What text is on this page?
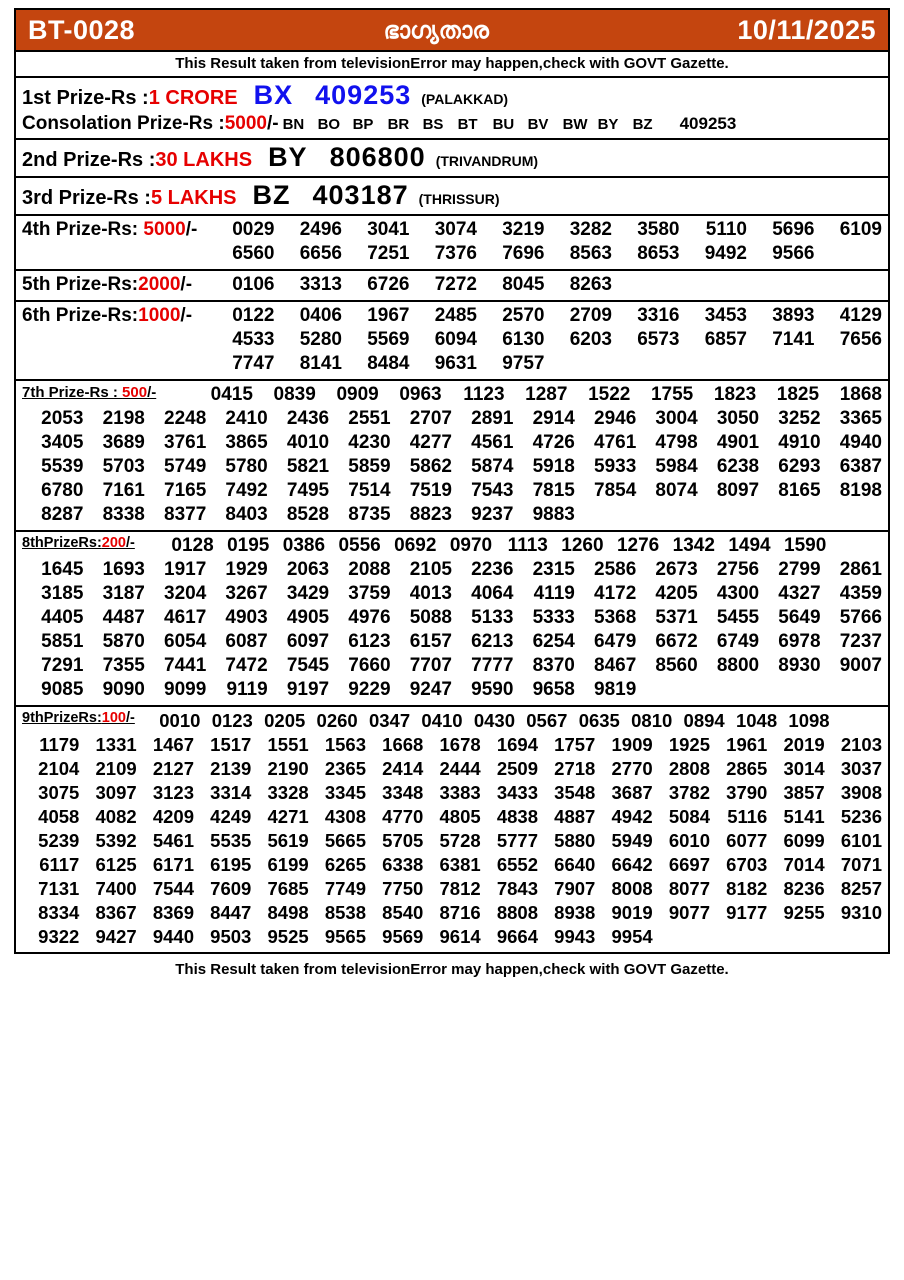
BT-0028	ഭാഗ്യതാര	10/11/2025
This Result taken from televisionError may happen,check with GOVT Gazette.
1st Prize-Rs : 1 CRORE BX 409253 (PALAKKAD)
Consolation Prize-Rs : 5000 /- BN BO BP BR BS BT	BU BV BW BY BZ	409253
2nd Prize-Rs : 30 LAKHS BY 806800 (TRIVANDRUM)
3rd Prize-Rs : 5 LAKHS BZ 403187 (THRISSUR)
4th Prize-Rs: 5000/-	0029	2496	3041	3074	3219	3282	3580	5110	5696	6109
6560	6656	7251	7376	7696	8563	8653	9492	9566
5th Prize-Rs:2000/-	0106	3313	6726	7272	8045	8263
6th Prize-Rs:1000/-	0122	0406	1967	2485	2570	2709	3316	3453	3893	4129
4533	5280	5569	6094	6130	6203	6573	6857	7141	7656
7747	8141	8484	9631	9757
7th Prize-Rs : 500/-	0415	0839	0909	0963	1123	1287	1522	1755	1823	1825	1868
2053	2198	2248	2410	2436	2551	2707	2891	2914	2946	3004	3050	3252	3365
3405	3689	3761	3865	4010	4230	4277	4561	4726	4761	4798	4901	4910	4940
5539	5703	5749	5780	5821	5859	5862	5874	5918	5933	5984	6238	6293	6387
6780	7161	7165	7492	7495	7514	7519	7543	7815	7854	8074	8097	8165	8198
8287	8338	8377	8403	8528	8735	8823	9237	9883
8thPrizeRs:200/-	0128 0195 0386 0556 0692 0970 1113 1260 1276 1342 1494 1590
1645	1693	1917	1929	2063	2088	2105	2236	2315	2586	2673	2756	2799	2861
3185	3187	3204	3267	3429	3759	4013	4064	4119	4172	4205	4300	4327	4359
4405	4487	4617	4903	4905	4976	5088	5133	5333	5368	5371	5455	5649	5766
5851	5870	6054	6087	6097	6123	6157	6213	6254	6479	6672	6749	6978	7237
7291	7355	7441	7472	7545	7660	7707	7777	8370	8467	8560	8800	8930	9007
9085	9090	9099	9119	9197	9229	9247	9590	9658	9819
9thPrizeRs:100/-	0010 0123 0205 0260 0347 0410 0430 0567 0635 0810 0894 1048 1098
1179 1331 1467 1517 1551 1563 1668 1678 1694 1757 1909 1925 1961 2019 2103
2104 2109 2127 2139 2190 2365 2414 2444 2509 2718 2770 2808 2865 3014 3037
3075 3097 3123 3314 3328 3345 3348 3383 3433 3548 3687 3782 3790 3857 3908
4058 4082 4209 4249 4271 4308 4770 4805 4838 4887 4942 5084 5116 5141 5236
5239 5392 5461 5535 5619 5665 5705 5728 5777 5880 5949 6010 6077 6099 6101
6117 6125 6171 6195 6199 6265 6338 6381 6552 6640 6642 6697 6703 7014 7071
7131 7400 7544 7609 7685 7749 7750 7812 7843 7907 8008 8077 8182 8236 8257
8334 8367 8369 8447 8498 8538 8540 8716 8808 8938 9019 9077 9177 9255 9310
9322 9427 9440 9503 9525 9565 9569 9614 9664 9943 9954
This Result taken from televisionError may happen,check with GOVT Gazette.
